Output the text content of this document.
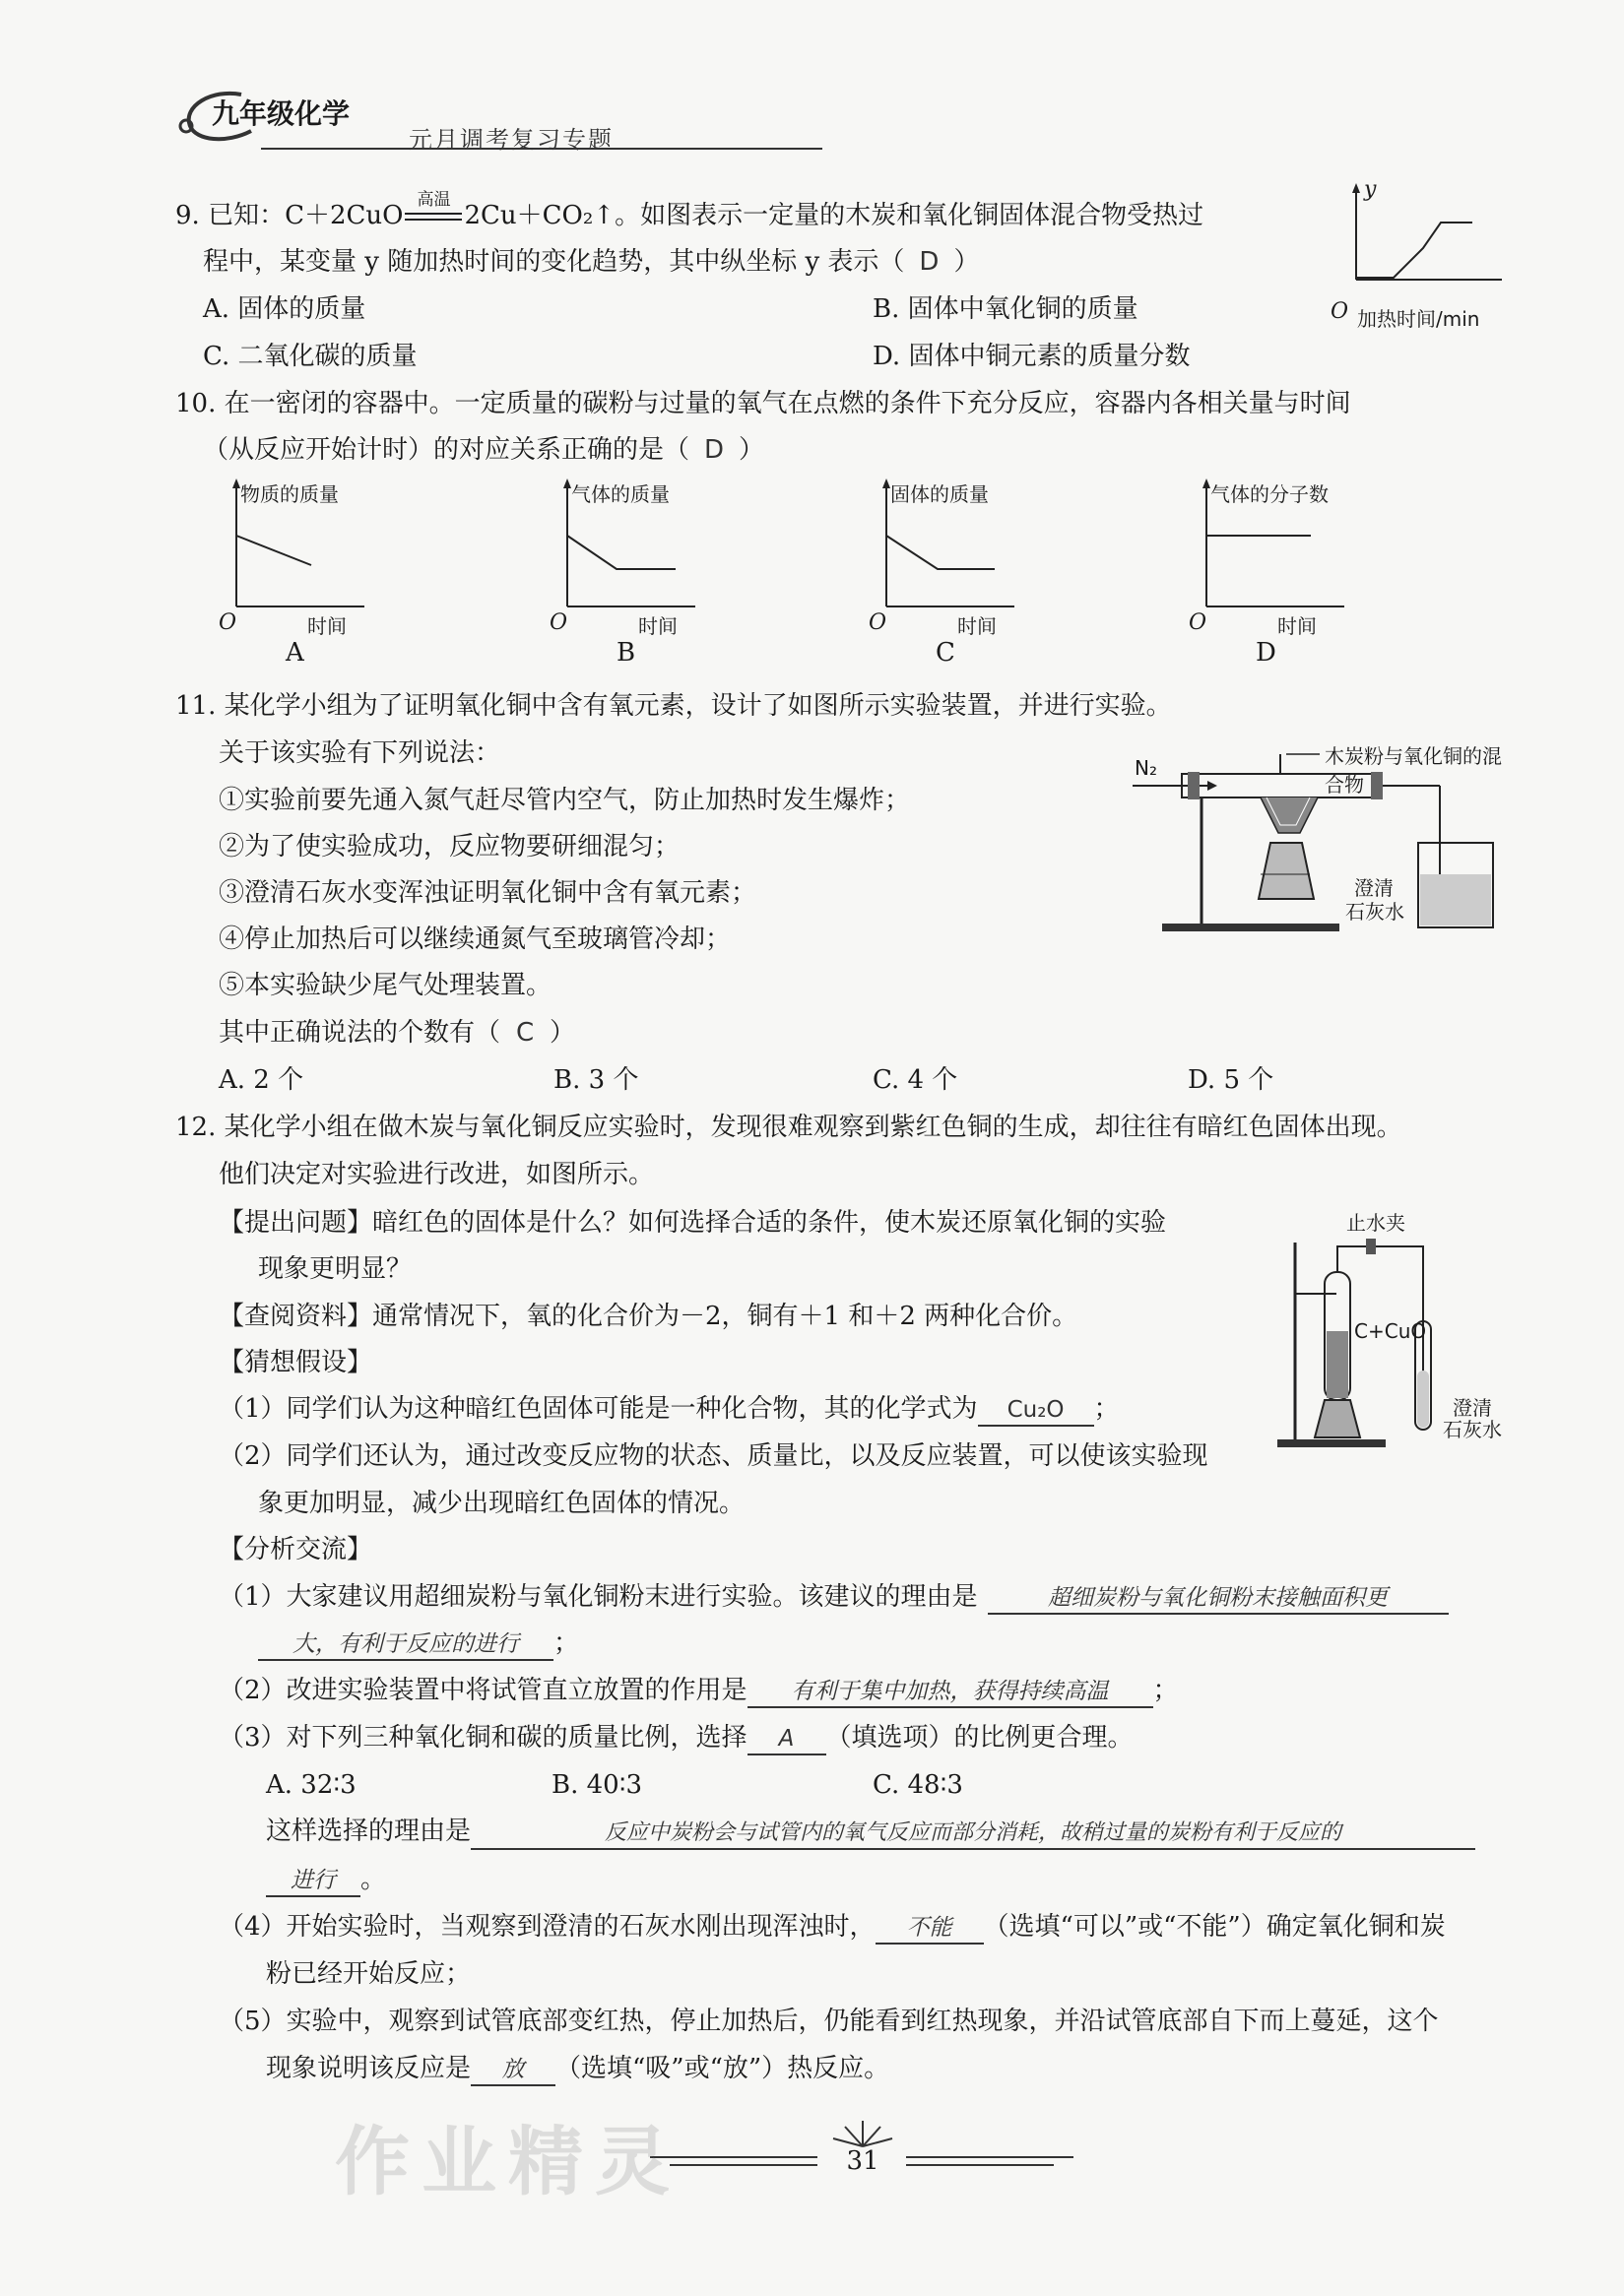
九年级化学
元月调考复习专题
9. 已知：C＋2CuO
高温
2Cu＋CO₂↑。如图表示一定量的木炭和氧化铜固体混合物受热过
程中，某变量 y 随加热时间的变化趋势，其中纵坐标 y 表示（ D ）
A. 固体的质量	B. 固体中氧化铜的质量
C. 二氧化碳的质量	D. 固体中铜元素的质量分数
y
O 加热时间/min
10. 在一密闭的容器中。一定质量的碳粉与过量的氧气在点燃的条件下充分反应，容器内各相关量与时间
（从反应开始计时）的对应关系正确的是（ D ）
物质的质量
O	时间
A
气体的质量
O	时间
B
固体的质量
O	时间
C
气体的分子数
O	时间
D
11. 某化学小组为了证明氧化铜中含有氧元素，设计了如图所示实验装置，并进行实验。
关于该实验有下列说法：
①实验前要先通入氮气赶尽管内空气，防止加热时发生爆炸；
②为了使实验成功，反应物要研细混匀；
③澄清石灰水变浑浊证明氧化铜中含有氧元素；
④停止加热后可以继续通氮气至玻璃管冷却；
⑤本实验缺少尾气处理装置。
其中正确说法的个数有（ C ）
A. 2 个	B. 3 个	C. 4 个	D. 5 个
N₂	木炭粉与氧化铜的混合物
澄清
石灰水
12. 某化学小组在做木炭与氧化铜反应实验时，发现很难观察到紫红色铜的生成，却往往有暗红色固体出现。
他们决定对实验进行改进，如图所示。
【提出问题】暗红色的固体是什么？如何选择合适的条件，使木炭还原氧化铜的实验
现象更明显？
【查阅资料】通常情况下，氧的化合价为－2，铜有＋1 和＋2 两种化合价。
【猜想假设】
（1）同学们认为这种暗红色固体可能是一种化合物，其的化学式为 Cu₂O ；
（2）同学们还认为，通过改变反应物的状态、质量比，以及反应装置，可以使该实验现
象更加明显，减少出现暗红色固体的情况。
【分析交流】
（1）大家建议用超细炭粉与氧化铜粉末进行实验。该建议的理由是	超细炭粉与氧化铜粉末接触面积更
大，有利于反应的进行 ；
（2）改进实验装置中将试管直立放置的作用是 有利于集中加热，获得持续高温 ；
（3）对下列三种氧化铜和碳的质量比例，选择 A （填选项）的比例更合理。
A. 32∶3	B. 40∶3	C. 48∶3
这样选择的理由是	反应中炭粉会与试管内的氧气反应而部分消耗，故稍过量的炭粉有利于反应的
进行 。
（4）开始实验时，当观察到澄清的石灰水刚出现浑浊时， 不能 （选填“可以”或“不能”）确定氧化铜和炭
粉已经开始反应；
（5）实验中，观察到试管底部变红热，停止加热后，仍能看到红热现象，并沿试管底部自下而上蔓延，这个
现象说明该反应是 放 （选填“吸”或“放”）热反应。
止水夹
C+CuO
澄清
石灰水
31
作业精灵
